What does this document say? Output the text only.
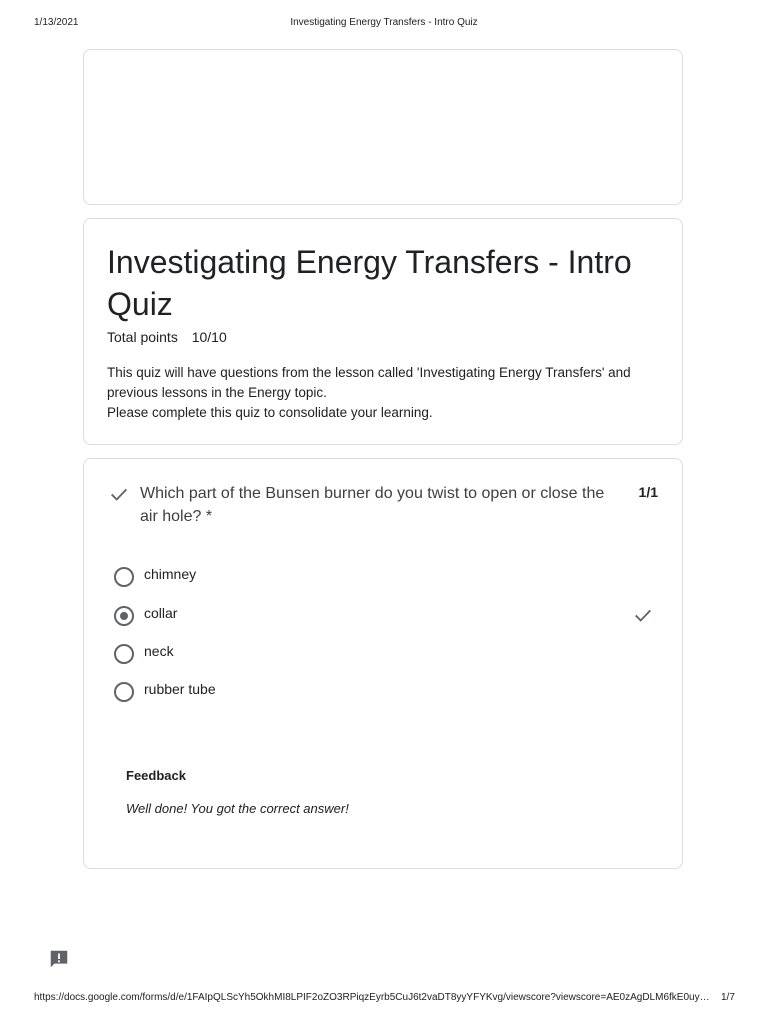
1/13/2021	Investigating Energy Transfers - Intro Quiz
Investigating Energy Transfers - Intro Quiz
Total points 10/10
This quiz will have questions from the lesson called 'Investigating Energy Transfers' and
previous lessons in the Energy topic.
Please complete this quiz to consolidate your learning.
Which part of the Bunsen burner do you twist to open or close the air hole? *
1/1
chimney
collar
neck
rubber tube
Feedback
Well done! You got the correct answer!
https://docs.google.com/forms/d/e/1FAIpQLScYh5OkhMI8LPIF2oZO3RPiqzEyrb5CuJ6t2vaDT8yyYFYKvg/viewscore?viewscore=AE0zAgDLM6fkE0uy…	1/7
